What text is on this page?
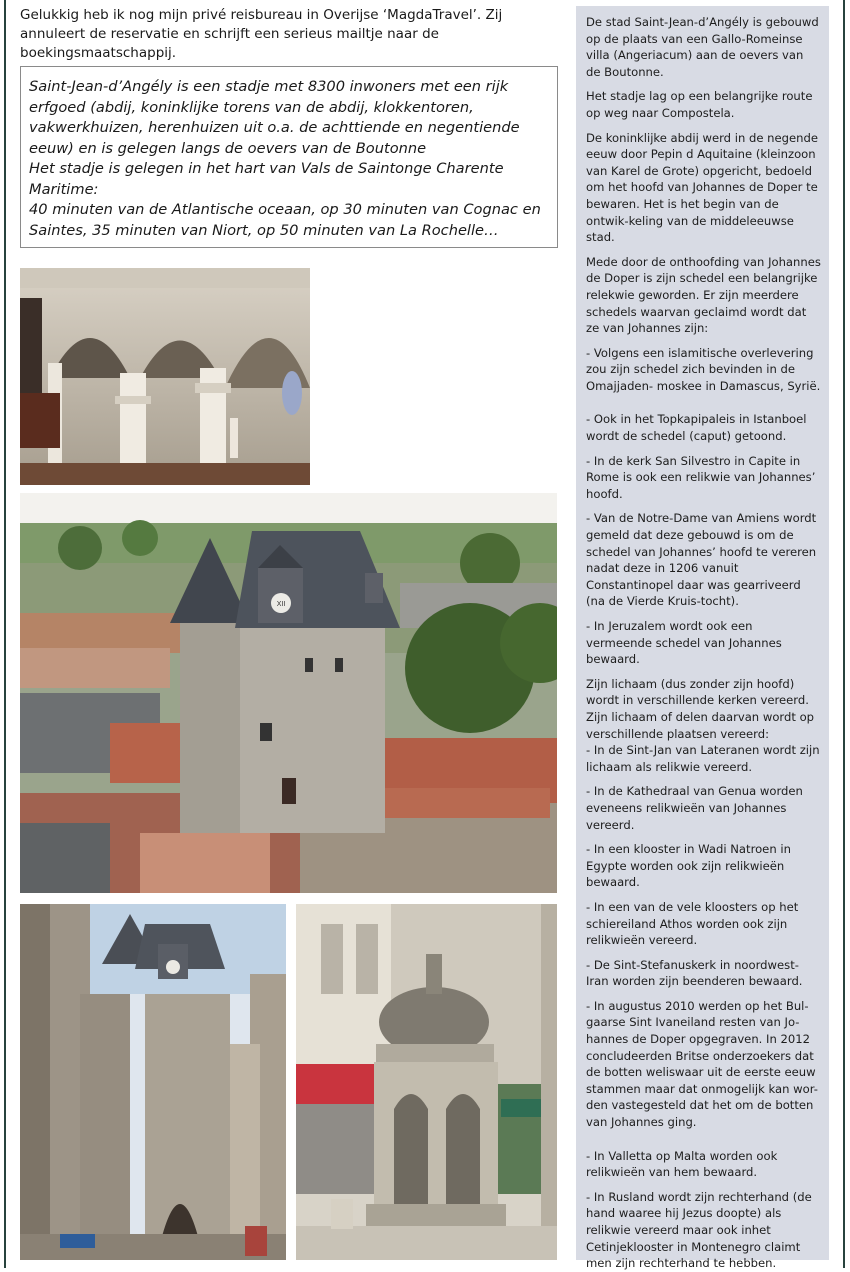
Gelukkig heb ik nog mijn privé reisbureau in Overijse ‘MagdaTravel’. Zij annuleert de reservatie en schrijft een serieus mailtje naar de boekingsmaatschappij.

Saint-Jean-d’Angély is een stadje met 8300 inwoners met een rijk erfgoed (abdij, koninklijke torens van de abdij, klokkentoren, vakwerkhuizen, herenhuizen uit o.a. de achttiende en negentiende eeuw) en is gelegen langs de oevers van de Boutonne

Het stadje is gelegen in het hart van Vals de Saintonge Charente Maritime:

40 minuten van de Atlantische oceaan, op 30 minuten van Cognac en Saintes, 35 minuten van Niort, op 50 minuten van La Rochelle…

XII

De stad Saint-Jean-d’Angély is gebouwd op de plaats van een Gallo-Romeinse villa (Angeriacum) aan de oevers van de Boutonne.

Het stadje lag op een belangrijke route op weg naar Compostela.

De koninklijke abdij werd in de negende eeuw door Pepin d Aquitaine (kleinzoon van Karel de Grote) opgericht, bedoeld om het hoofd van Johannes de Doper te bewaren. Het is het begin van de ontwik-keling van de middeleeuwse stad.

Mede door de onthoofding van Johannes de Doper is zijn schedel een belangrijke relekwie geworden. Er zijn meerdere schedels waarvan geclaimd wordt dat ze van Johannes zijn:

- Volgens een islamitische overlevering zou zijn schedel zich bevinden in de Omajjaden- moskee in Damascus, Syrië.

- Ook in het Topkapipaleis in Istanboel wordt de schedel (caput) getoond.

- In de kerk San Silvestro in Capite in Rome is ook een relikwie van Johannes’ hoofd.

- Van de Notre-Dame van Amiens wordt gemeld dat deze gebouwd is om de schedel van Johannes’ hoofd te vereren nadat deze in 1206 vanuit Constantinopel daar was gearriveerd (na de Vierde Kruis-tocht).

- In Jeruzalem wordt ook een vermeende schedel van Johannes bewaard.

Zijn lichaam (dus zonder zijn hoofd) wordt in verschillende kerken vereerd.

Zijn lichaam of delen daarvan wordt op verschillende plaatsen vereerd:

- In de Sint-Jan van Lateranen wordt zijn lichaam als relikwie vereerd.

- In de Kathedraal van Genua worden eveneens relikwieën van Johannes vereerd.

- In een klooster in Wadi Natroen in Egypte worden ook zijn relikwieën bewaard.

- In een van de vele kloosters op het schiereiland Athos worden ook zijn relikwieën vereerd.

- De Sint-Stefanuskerk in noordwest-Iran worden zijn beenderen bewaard.

- In augustus 2010 werden op het Bul-gaarse Sint Ivaneiland resten van Jo-hannes de Doper opgegraven. In 2012 concludeerden Britse onderzoekers dat de botten weliswaar uit de eerste eeuw stammen maar dat onmogelijk kan wor-den vastegesteld dat het om de botten van Johannes ging.

- In Valletta op Malta worden ook relikwieën van hem bewaard.

- In Rusland wordt zijn rechterhand (de hand waaree hij Jezus doopte) als relikwie vereerd maar ook inhet Cetinjeklooster in Montenegro claimt men zijn rechterhand te hebben.
